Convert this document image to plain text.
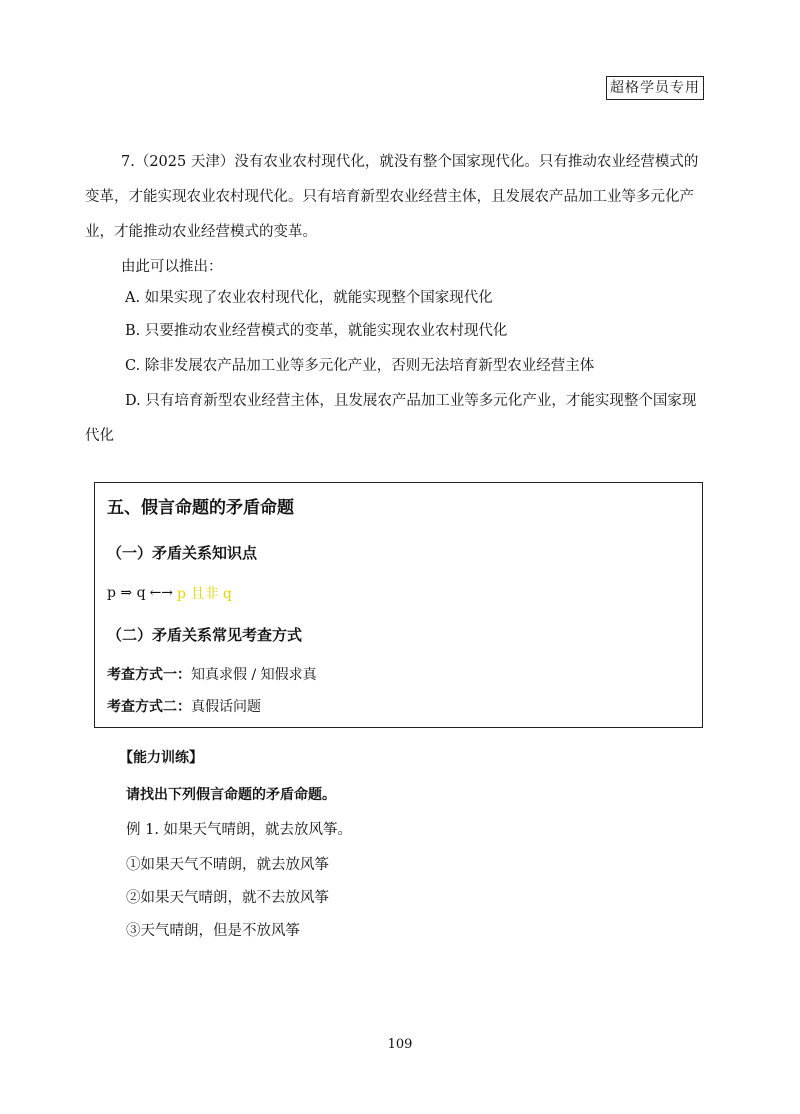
超格学员专用

7.（2025 天津）没有农业农村现代化，就没有整个国家现代化。只有推动农业经营模式的变革，才能实现农业农村现代化。只有培育新型农业经营主体，且发展农产品加工业等多元化产业，才能推动农业经营模式的变革。

由此可以推出：

A. 如果实现了农业农村现代化，就能实现整个国家现代化

B. 只要推动农业经营模式的变革，就能实现农业农村现代化

C. 除非发展农产品加工业等多元化产业，否则无法培育新型农业经营主体

D. 只有培育新型农业经营主体，且发展农产品加工业等多元化产业，才能实现整个国家现代化

五、假言命题的矛盾命题
（一）矛盾关系知识点
p ⇒ q ←→ p 且非 q
（二）矛盾关系常见考查方式
考查方式一：知真求假 / 知假求真
考查方式二：真假话问题
【能力训练】
请找出下列假言命题的矛盾命题。
例 1. 如果天气晴朗，就去放风筝。
①如果天气不晴朗，就去放风筝
②如果天气晴朗，就不去放风筝
③天气晴朗，但是不放风筝
109
